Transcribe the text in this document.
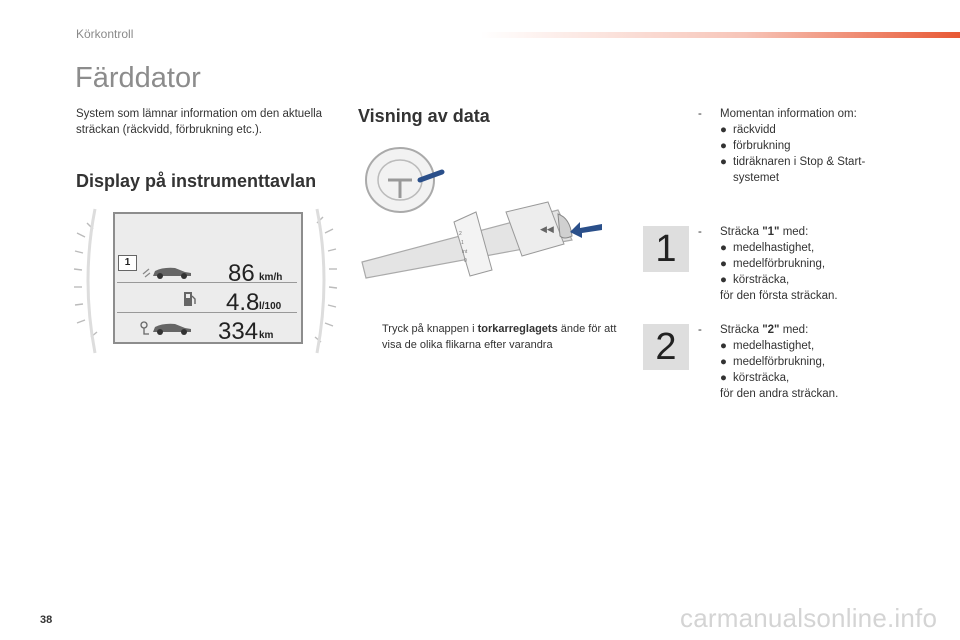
Körkontroll
Färddator
System som lämnar information om den aktuella sträckan (räckvidd, förbrukning etc.).
Display på instrumenttavlan
1	86 km/h
4.8 l/100
334 km
Visning av data
2
1
int
0
◀◀
Tryck på knappen i torkarreglagets ände för att visa de olika flikarna efter varandra
- Momentan information om:
● räckvidd
● förbrukning
● tidräknaren i Stop & Start-systemet
1	- Sträcka "1" med:
● medelhastighet,
● medelförbrukning,
● körsträcka,
för den första sträckan.
2	- Sträcka "2" med:
● medelhastighet,
● medelförbrukning,
● körsträcka,
för den andra sträckan.
38	carmanualsonline.info
